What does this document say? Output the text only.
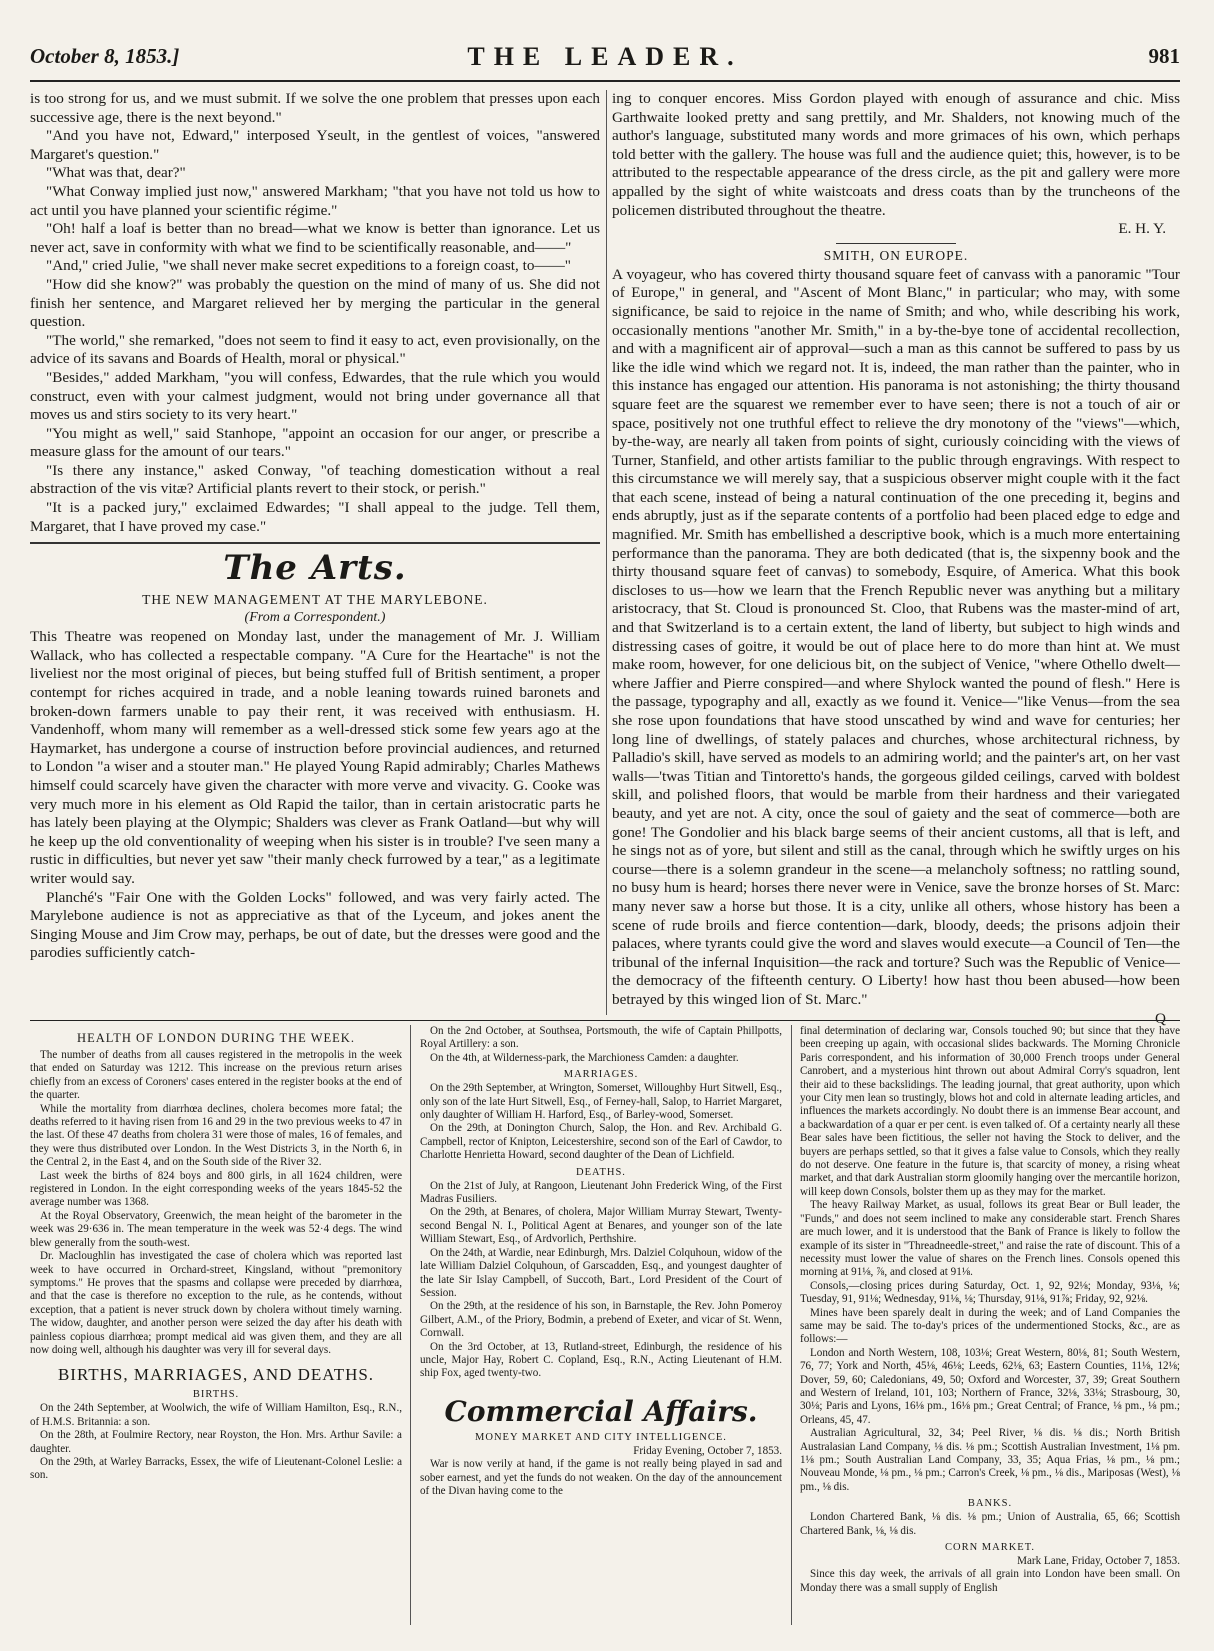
October 8, 1853.]	THE LEADER.	981

is too strong for us, and we must submit. If we solve the one problem that presses upon each successive age, there is the next beyond."

"And you have not, Edward," interposed Yseult, in the gentlest of voices, "answered Margaret's question."

"What was that, dear?"

"What Conway implied just now," answered Markham; "that you have not told us how to act until you have planned your scientific régime."

"Oh! half a loaf is better than no bread—what we know is better than ignorance. Let us never act, save in conformity with what we find to be scientifically reasonable, and——"

"And," cried Julie, "we shall never make secret expeditions to a foreign coast, to——"

"How did she know?" was probably the question on the mind of many of us. She did not finish her sentence, and Margaret relieved her by merging the particular in the general question.

"The world," she remarked, "does not seem to find it easy to act, even provisionally, on the advice of its savans and Boards of Health, moral or physical."

"Besides," added Markham, "you will confess, Edwardes, that the rule which you would construct, even with your calmest judgment, would not bring under governance all that moves us and stirs society to its very heart."

"You might as well," said Stanhope, "appoint an occasion for our anger, or prescribe a measure glass for the amount of our tears."

"Is there any instance," asked Conway, "of teaching domestication without a real abstraction of the vis vitæ? Artificial plants revert to their stock, or perish."

"It is a packed jury," exclaimed Edwardes; "I shall appeal to the judge. Tell them, Margaret, that I have proved my case."

The Arts.
THE NEW MANAGEMENT AT THE MARYLEBONE.
(From a Correspondent.)

This Theatre was reopened on Monday last, under the management of Mr. J. William Wallack, who has collected a respectable company. "A Cure for the Heartache" is not the liveliest nor the most original of pieces, but being stuffed full of British sentiment, a proper contempt for riches acquired in trade, and a noble leaning towards ruined baronets and broken-down farmers unable to pay their rent, it was received with enthusiasm. H. Vandenhoff, whom many will remember as a well-dressed stick some few years ago at the Haymarket, has undergone a course of instruction before provincial audiences, and returned to London "a wiser and a stouter man." He played Young Rapid admirably; Charles Mathews himself could scarcely have given the character with more verve and vivacity. G. Cooke was very much more in his element as Old Rapid the tailor, than in certain aristocratic parts he has lately been playing at the Olympic; Shalders was clever as Frank Oatland—but why will he keep up the old conventionality of weeping when his sister is in trouble? I've seen many a rustic in difficulties, but never yet saw "their manly check furrowed by a tear," as a legitimate writer would say.

Planché's "Fair One with the Golden Locks" followed, and was very fairly acted. The Marylebone audience is not as appreciative as that of the Lyceum, and jokes anent the Singing Mouse and Jim Crow may, perhaps, be out of date, but the dresses were good and the parodies sufficiently catch-

ing to conquer encores. Miss Gordon played with enough of assurance and chic. Miss Garthwaite looked pretty and sang prettily, and Mr. Shalders, not knowing much of the author's language, substituted many words and more grimaces of his own, which perhaps told better with the gallery. The house was full and the audience quiet; this, however, is to be attributed to the respectable appearance of the dress circle, as the pit and gallery were more appalled by the sight of white waistcoats and dress coats than by the truncheons of the policemen distributed throughout the theatre.

E. H. Y.

SMITH, ON EUROPE.

A voyageur, who has covered thirty thousand square feet of canvass with a panoramic "Tour of Europe," in general, and "Ascent of Mont Blanc," in particular; who may, with some significance, be said to rejoice in the name of Smith; and who, while describing his work, occasionally mentions "another Mr. Smith," in a by-the-bye tone of accidental recollection, and with a magnificent air of approval—such a man as this cannot be suffered to pass by us like the idle wind which we regard not. It is, indeed, the man rather than the painter, who in this instance has engaged our attention. His panorama is not astonishing; the thirty thousand square feet are the squarest we remember ever to have seen; there is not a touch of air or space, positively not one truthful effect to relieve the dry monotony of the "views"—which, by-the-way, are nearly all taken from points of sight, curiously coinciding with the views of Turner, Stanfield, and other artists familiar to the public through engravings. With respect to this circumstance we will merely say, that a suspicious observer might couple with it the fact that each scene, instead of being a natural continuation of the one preceding it, begins and ends abruptly, just as if the separate contents of a portfolio had been placed edge to edge and magnified. Mr. Smith has embellished a descriptive book, which is a much more entertaining performance than the panorama. They are both dedicated (that is, the sixpenny book and the thirty thousand square feet of canvas) to somebody, Esquire, of America. What this book discloses to us—how we learn that the French Republic never was anything but a military aristocracy, that St. Cloud is pronounced St. Cloo, that Rubens was the master-mind of art, and that Switzerland is to a certain extent, the land of liberty, but subject to high winds and distressing cases of goitre, it would be out of place here to do more than hint at. We must make room, however, for one delicious bit, on the subject of Venice, "where Othello dwelt—where Jaffier and Pierre conspired—and where Shylock wanted the pound of flesh." Here is the passage, typography and all, exactly as we found it. Venice—"like Venus—from the sea she rose upon foundations that have stood unscathed by wind and wave for centuries; her long line of dwellings, of stately palaces and churches, whose architectural richness, by Palladio's skill, have served as models to an admiring world; and the painter's art, on her vast walls—'twas Titian and Tintoretto's hands, the gorgeous gilded ceilings, carved with boldest skill, and polished floors, that would be marble from their hardness and their variegated beauty, and yet are not. A city, once the soul of gaiety and the seat of commerce—both are gone! The Gondolier and his black barge seems of their ancient customs, all that is left, and he sings not as of yore, but silent and still as the canal, through which he swiftly urges on his course—there is a solemn grandeur in the scene—a melancholy softness; no rattling sound, no busy hum is heard; horses there never were in Venice, save the bronze horses of St. Marc: many never saw a horse but those. It is a city, unlike all others, whose history has been a scene of rude broils and fierce contention—dark, bloody, deeds; the prisons adjoin their palaces, where tyrants could give the word and slaves would execute—a Council of Ten—the tribunal of the infernal Inquisition—the rack and torture? Such was the Republic of Venice—the democracy of the fifteenth century. O Liberty! how hast thou been abused—how been betrayed by this winged lion of St. Marc."

Q

HEALTH OF LONDON DURING THE WEEK.

The number of deaths from all causes registered in the metropolis in the week that ended on Saturday was 1212. This increase on the previous return arises chiefly from an excess of Coroners' cases entered in the register books at the end of the quarter.

While the mortality from diarrhœa declines, cholera becomes more fatal; the deaths referred to it having risen from 16 and 29 in the two previous weeks to 47 in the last. Of these 47 deaths from cholera 31 were those of males, 16 of females, and they were thus distributed over London. In the West Districts 3, in the North 6, in the Central 2, in the East 4, and on the South side of the River 32.

Last week the births of 824 boys and 800 girls, in all 1624 children, were registered in London. In the eight corresponding weeks of the years 1845-52 the average number was 1368.

At the Royal Observatory, Greenwich, the mean height of the barometer in the week was 29·636 in. The mean temperature in the week was 52·4 degs. The wind blew generally from the south-west.

Dr. Macloughlin has investigated the case of cholera which was reported last week to have occurred in Orchard-street, Kingsland, without "premonitory symptoms." He proves that the spasms and collapse were preceded by diarrhœa, and that the case is therefore no exception to the rule, as he contends, without exception, that a patient is never struck down by cholera without timely warning. The widow, daughter, and another person were seized the day after his death with painless copious diarrhœa; prompt medical aid was given them, and they are all now doing well, although his daughter was very ill for several days.

BIRTHS, MARRIAGES, AND DEATHS.
BIRTHS.

On the 24th September, at Woolwich, the wife of William Hamilton, Esq., R.N., of H.M.S. Britannia: a son.

On the 28th, at Foulmire Rectory, near Royston, the Hon. Mrs. Arthur Savile: a daughter.

On the 29th, at Warley Barracks, Essex, the wife of Lieutenant-Colonel Leslie: a son.

On the 2nd October, at Southsea, Portsmouth, the wife of Captain Phillpotts, Royal Artillery: a son.

On the 4th, at Wilderness-park, the Marchioness Camden: a daughter.

MARRIAGES.

On the 29th September, at Wrington, Somerset, Willoughby Hurt Sitwell, Esq., only son of the late Hurt Sitwell, Esq., of Ferney-hall, Salop, to Harriet Margaret, only daughter of William H. Harford, Esq., of Barley-wood, Somerset.

On the 29th, at Donington Church, Salop, the Hon. and Rev. Archibald G. Campbell, rector of Knipton, Leicestershire, second son of the Earl of Cawdor, to Charlotte Henrietta Howard, second daughter of the Dean of Lichfield.

DEATHS.

On the 21st of July, at Rangoon, Lieutenant John Frederick Wing, of the First Madras Fusiliers.

On the 29th, at Benares, of cholera, Major William Murray Stewart, Twenty-second Bengal N. I., Political Agent at Benares, and younger son of the late William Stewart, Esq., of Ardvorlich, Perthshire.

On the 24th, at Wardie, near Edinburgh, Mrs. Dalziel Colquhoun, widow of the late William Dalziel Colquhoun, of Garscadden, Esq., and youngest daughter of the late Sir Islay Campbell, of Succoth, Bart., Lord President of the Court of Session.

On the 29th, at the residence of his son, in Barnstaple, the Rev. John Pomeroy Gilbert, A.M., of the Priory, Bodmin, a prebend of Exeter, and vicar of St. Wenn, Cornwall.

On the 3rd October, at 13, Rutland-street, Edinburgh, the residence of his uncle, Major Hay, Robert C. Copland, Esq., R.N., Acting Lieutenant of H.M. ship Fox, aged twenty-two.

Commercial Affairs.
MONEY MARKET AND CITY INTELLIGENCE.

Friday Evening, October 7, 1853.

War is now verily at hand, if the game is not really being played in sad and sober earnest, and yet the funds do not weaken. On the day of the announcement of the Divan having come to the

final determination of declaring war, Consols touched 90; but since that they have been creeping up again, with occasional slides backwards. The Morning Chronicle Paris correspondent, and his information of 30,000 French troops under General Canrobert, and a mysterious hint thrown out about Admiral Corry's squadron, lent their aid to these backslidings. The leading journal, that great authority, upon which your City men lean so trustingly, blows hot and cold in alternate leading articles, and influences the markets accordingly. No doubt there is an immense Bear account, and a backwardation of a quar er per cent. is even talked of. Of a certainty nearly all these Bear sales have been fictitious, the seller not having the Stock to deliver, and the buyers are perhaps settled, so that it gives a false value to Consols, which they really do not deserve. One feature in the future is, that scarcity of money, a rising wheat market, and that dark Australian storm gloomily hanging over the mercantile horizon, will keep down Consols, bolster them up as they may for the market.

The heavy Railway Market, as usual, follows its great Bear or Bull leader, the "Funds," and does not seem inclined to make any considerable start. French Shares are much lower, and it is understood that the Bank of France is likely to follow the example of its sister in "Threadneedle-street," and raise the rate of discount. This of a necessity must lower the value of shares on the French lines. Consols opened this morning at 91⅛, ⅞, and closed at 91⅛.

Consols,—closing prices during Saturday, Oct. 1, 92, 92⅛; Monday, 93⅛, ⅛; Tuesday, 91, 91⅛; Wednesday, 91⅛, ⅛; Thursday, 91⅛, 91⅞; Friday, 92, 92⅛.

Mines have been sparely dealt in during the week; and of Land Companies the same may be said. The to-day's prices of the undermentioned Stocks, &c., are as follows:—

London and North Western, 108, 103⅛; Great Western, 80⅛, 81; South Western, 76, 77; York and North, 45⅛, 46⅛; Leeds, 62⅛, 63; Eastern Counties, 11⅛, 12⅛; Dover, 59, 60; Caledonians, 49, 50; Oxford and Worcester, 37, 39; Great Southern and Western of Ireland, 101, 103; Northern of France, 32⅛, 33⅛; Strasbourg, 30, 30⅛; Paris and Lyons, 16⅛ pm., 16⅛ pm.; Great Central; of France, ⅛ pm., ⅛ pm.; Orleans, 45, 47.

Australian Agricultural, 32, 34; Peel River, ⅛ dis. ⅛ dis.; North British Australasian Land Company, ⅛ dis. ⅛ pm.; Scottish Australian Investment, 1⅛ pm. 1⅛ pm.; South Australian Land Company, 33, 35; Aqua Frias, ⅛ pm., ⅛ pm.; Nouveau Monde, ⅛ pm., ⅛ pm.; Carron's Creek, ⅛ pm., ⅛ dis., Mariposas (West), ⅛ pm., ⅛ dis.

BANKS.

London Chartered Bank, ⅛ dis. ⅛ pm.; Union of Australia, 65, 66; Scottish Chartered Bank, ⅛, ⅛ dis.

CORN MARKET.

Mark Lane, Friday, October 7, 1853.

Since this day week, the arrivals of all grain into London have been small. On Monday there was a small supply of English
